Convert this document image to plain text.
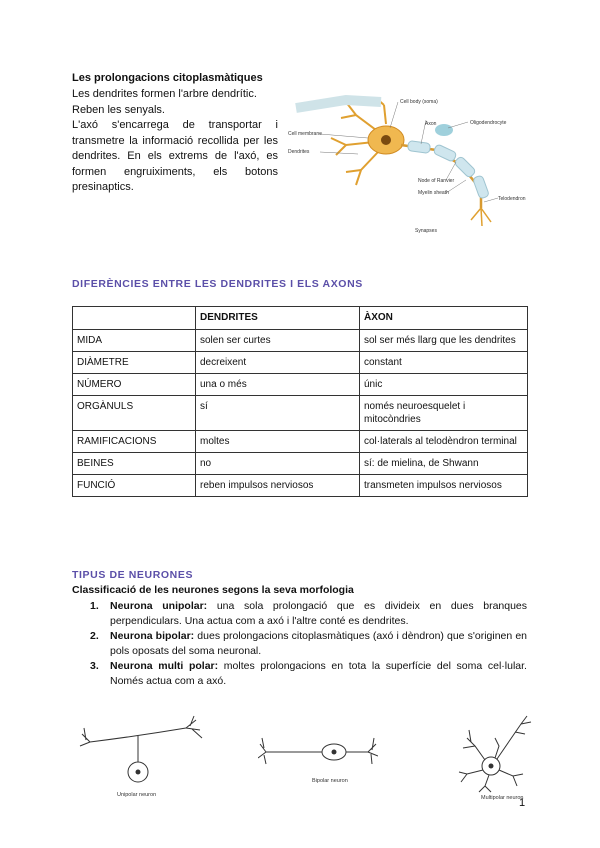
Les prolongacions citoplasmàtiques
Les dendrites formen l'arbre dendrític.
Reben les senyals.
L'axó s'encarrega de transportar i transmetre la informació recollida per les dendrites. En els extrems de l'axó, es formen engruiximents, els botons presinaptics.
Cell body (soma)
Axon	Oligodendrocyte
Cell membrane
Dendrites
Node of Ranvier
Myelin sheath
Telodendron
Synapses
DIFERÈNCIES ENTRE LES DENDRITES I ELS AXONS
	DENDRITES	ÀXON
MIDA	solen ser curtes	sol ser més llarg que les dendrites
DIÀMETRE	decreixent	constant
NÚMERO	una o més	únic
ORGÀNULS	sí	només neuroesquelet i mitocòndries
RAMIFICACIONS	moltes	col·laterals al telodèndron terminal
BEINES	no	sí: de mielina, de Shwann
FUNCIÓ	reben impulsos nerviosos	transmeten impulsos nerviosos
TIPUS DE NEURONES
Classificació de les neurones segons la seva morfologia
1. Neurona unipolar: una sola prolongació que es divideix en dues branques perpendiculars. Una actua com a axó i l'altre conté es dendrites.
2. Neurona bipolar: dues prolongacions citoplasmàtiques (axó i dèndron) que s'originen en pols oposats del soma neuronal.
3. Neurona multi polar: moltes prolongacions en tota la superfície del soma cel·lular. Només actua com a axó.
Unipolar neuron
Bipolar neuron
Multipolar neuron
1
